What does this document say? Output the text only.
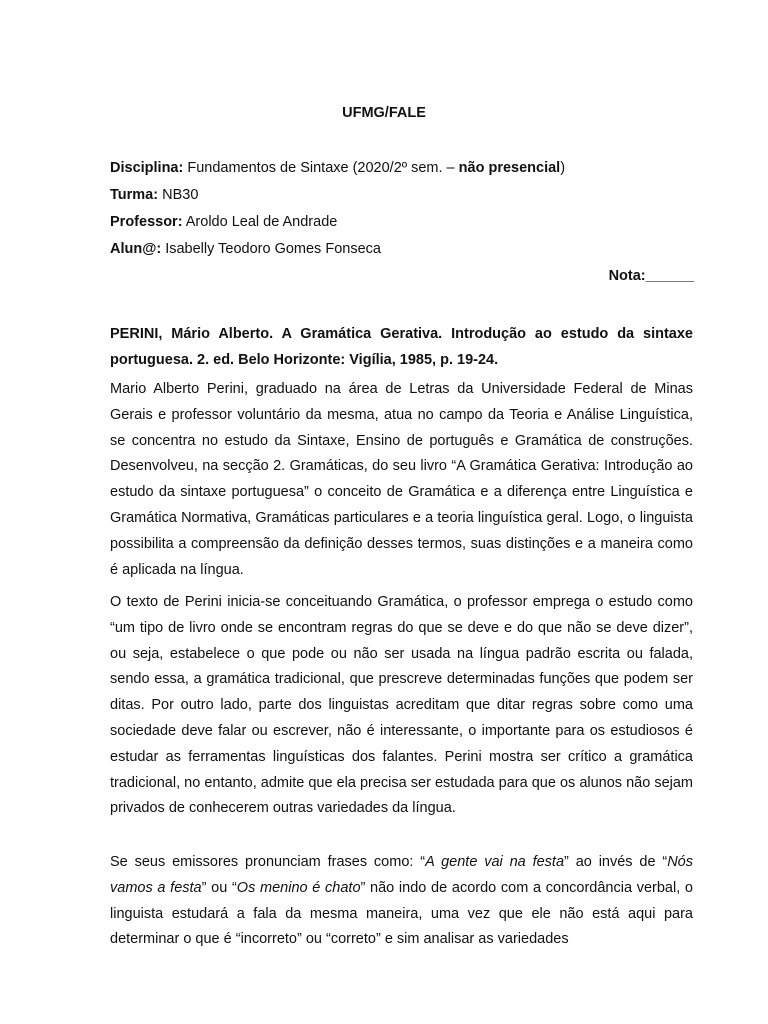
UFMG/FALE
Disciplina: Fundamentos de Sintaxe (2020/2º sem. – não presencial)
Turma: NB30
Professor: Aroldo Leal de Andrade
Alun@: Isabelly Teodoro Gomes Fonseca
Nota:______
PERINI, Mário Alberto. A Gramática Gerativa. Introdução ao estudo da sintaxe portuguesa. 2. ed. Belo Horizonte: Vigília, 1985, p. 19-24.

Mario Alberto Perini, graduado na área de Letras da Universidade Federal de Minas Gerais e professor voluntário da mesma, atua no campo da Teoria e Análise Linguística, se concentra no estudo da Sintaxe, Ensino de português e Gramática de construções. Desenvolveu, na secção 2. Gramáticas, do seu livro “A Gramática Gerativa: Introdução ao estudo da sintaxe portuguesa” o conceito de Gramática e a diferença entre Linguística e Gramática Normativa, Gramáticas particulares e a teoria linguística geral. Logo, o linguista possibilita a compreensão da definição desses termos, suas distinções e a maneira como é aplicada na língua.

O texto de Perini inicia-se conceituando Gramática, o professor emprega o estudo como “um tipo de livro onde se encontram regras do que se deve e do que não se deve dizer”, ou seja, estabelece o que pode ou não ser usada na língua padrão escrita ou falada, sendo essa, a gramática tradicional, que prescreve determinadas funções que podem ser ditas. Por outro lado, parte dos linguistas acreditam que ditar regras sobre como uma sociedade deve falar ou escrever, não é interessante, o importante para os estudiosos é estudar as ferramentas linguísticas dos falantes. Perini mostra ser crítico a gramática tradicional, no entanto, admite que ela precisa ser estudada para que os alunos não sejam privados de conhecerem outras variedades da língua.

Se seus emissores pronunciam frases como: “A gente vai na festa” ao invés de “Nós vamos a festa” ou “Os menino é chato” não indo de acordo com a concordância verbal, o linguista estudará a fala da mesma maneira, uma vez que ele não está aqui para determinar o que é “incorreto” ou “correto” e sim analisar as variedades
